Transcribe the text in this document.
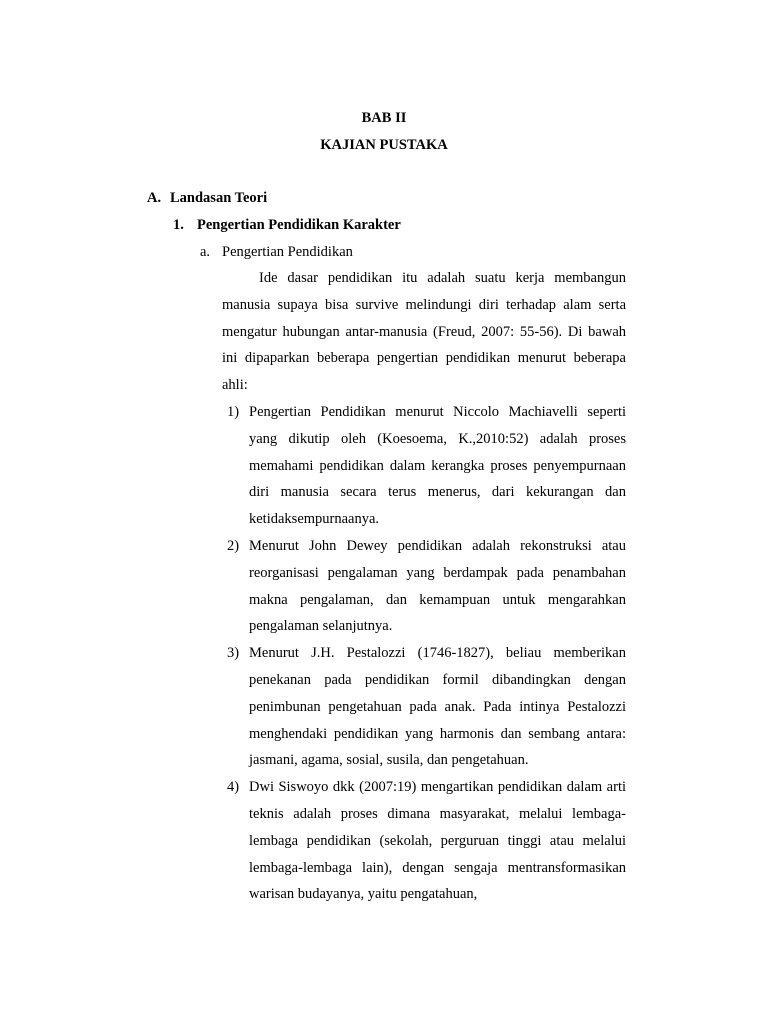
BAB II
KAJIAN PUSTAKA
A. Landasan Teori
1. Pengertian Pendidikan Karakter
a. Pengertian Pendidikan

Ide dasar pendidikan itu adalah suatu kerja membangun manusia supaya bisa survive melindungi diri terhadap alam serta mengatur hubungan antar-manusia (Freud, 2007: 55-56). Di bawah ini dipaparkan beberapa pengertian pendidikan menurut beberapa ahli:

1) Pengertian Pendidikan menurut Niccolo Machiavelli seperti yang dikutip oleh (Koesoema, K.,2010:52) adalah proses memahami pendidikan dalam kerangka proses penyempurnaan diri manusia secara terus menerus, dari kekurangan dan ketidaksempurnaanya.
2) Menurut John Dewey pendidikan adalah rekonstruksi atau reorganisasi pengalaman yang berdampak pada penambahan makna pengalaman, dan kemampuan untuk mengarahkan pengalaman selanjutnya.
3) Menurut J.H. Pestalozzi (1746-1827), beliau memberikan penekanan pada pendidikan formil dibandingkan dengan penimbunan pengetahuan pada anak. Pada intinya Pestalozzi menghendaki pendidikan yang harmonis dan sembang antara: jasmani, agama, sosial, susila, dan pengetahuan.
4) Dwi Siswoyo dkk (2007:19) mengartikan pendidikan dalam arti teknis adalah proses dimana masyarakat, melalui lembaga-lembaga pendidikan (sekolah, perguruan tinggi atau melalui lembaga-lembaga lain), dengan sengaja mentransformasikan warisan budayanya, yaitu pengatahuan,
